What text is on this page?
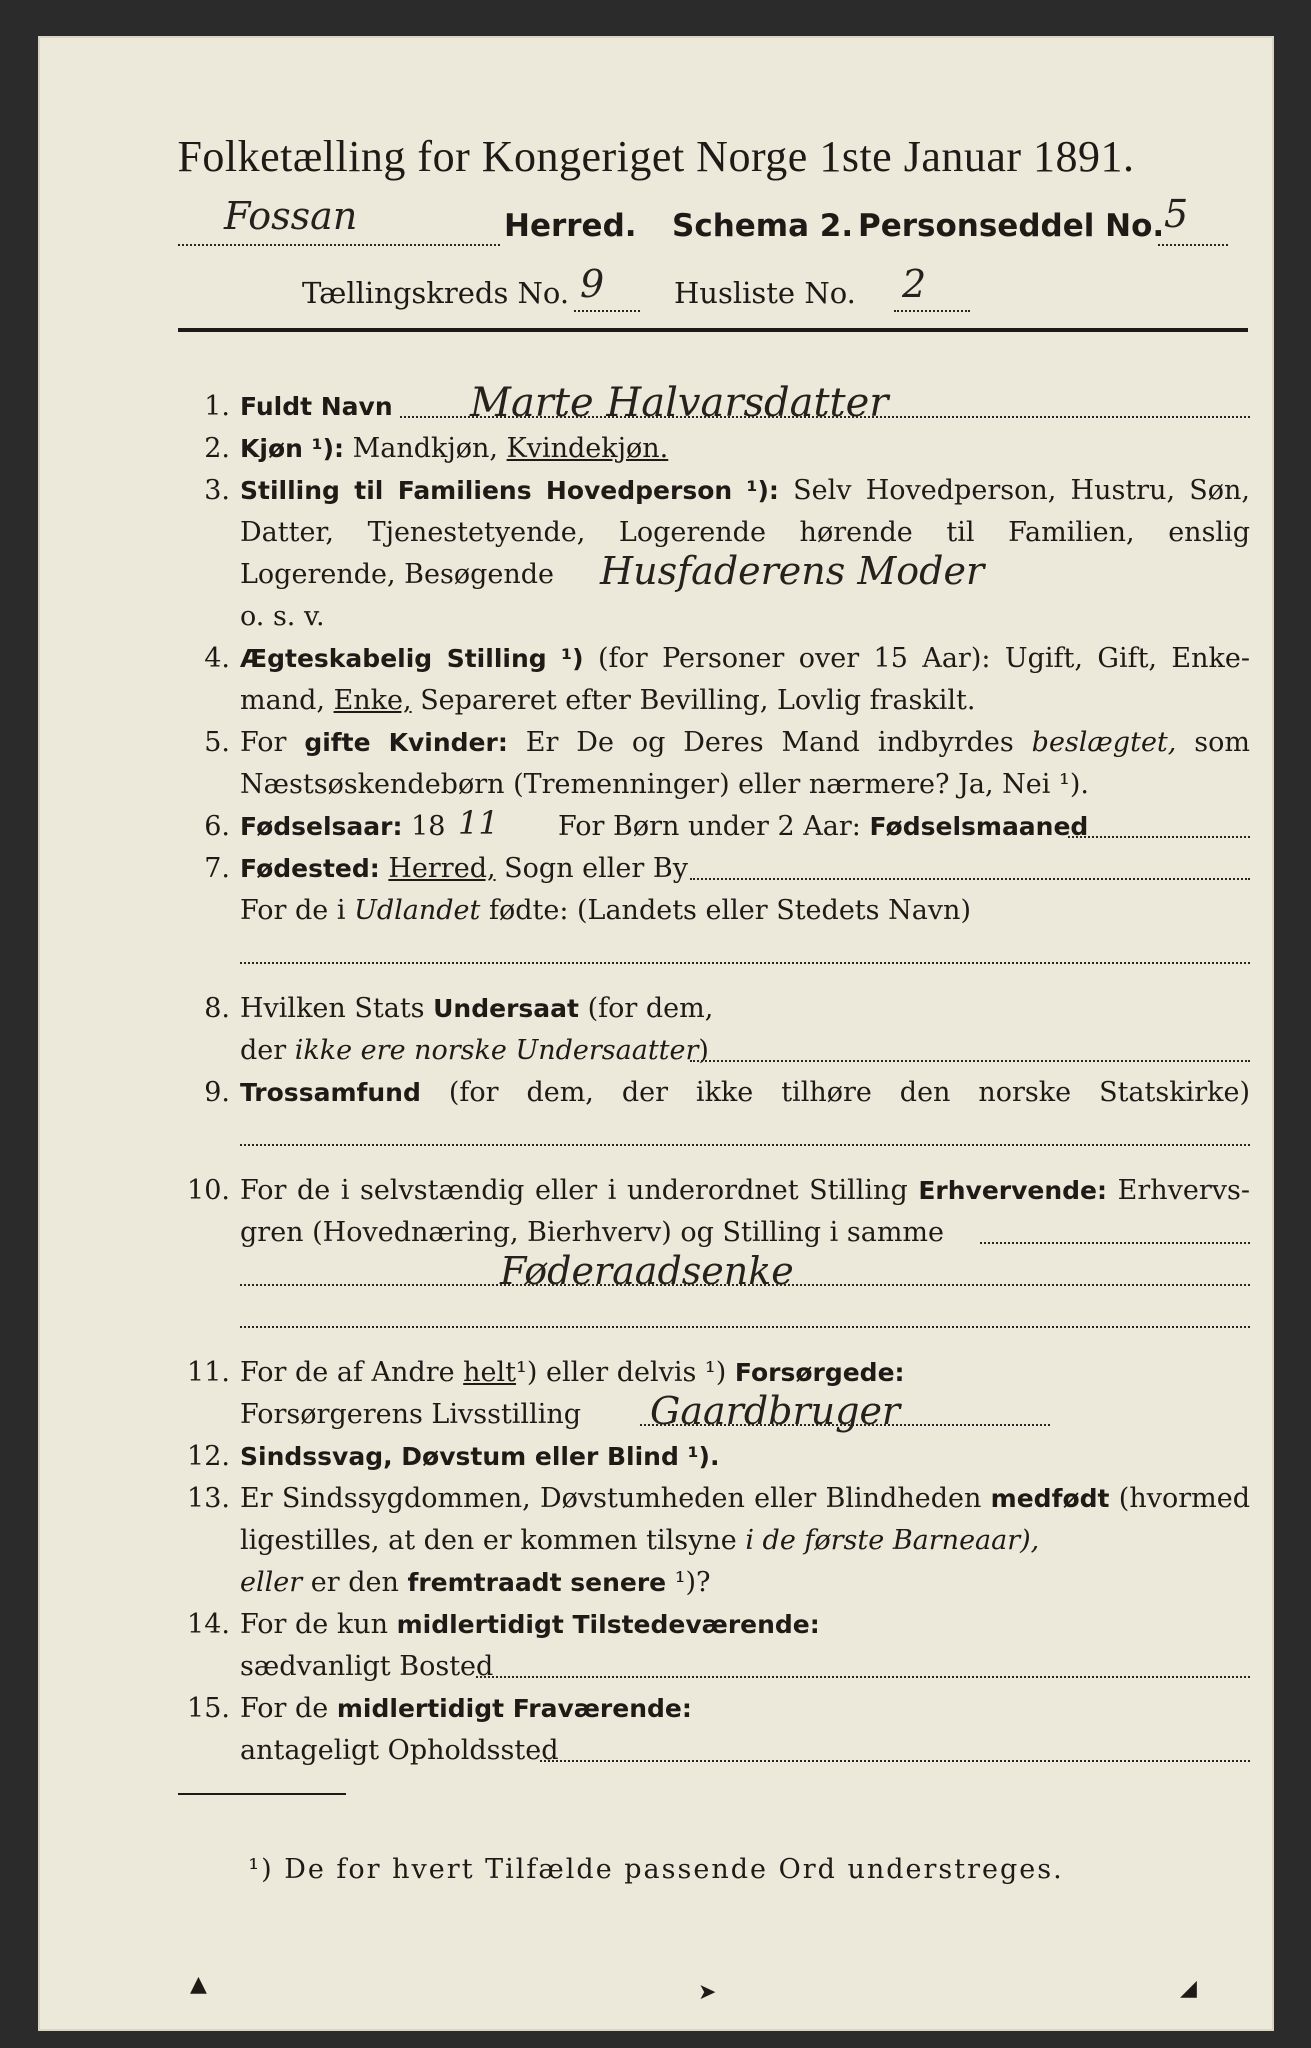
Folketælling for Kongeriget Norge 1ste Januar 1891.
Fossan	Herred. Schema 2. Personseddel No. 5
Tællingskreds No. 9 Husliste No. 2
1. Fuldt Navn Marte Halvarsdatter
2. Kjøn ¹): Mandkjøn, Kvindekjøn.
3. Stilling til Familiens Hovedperson ¹): Selv Hovedperson, Hustru, Søn,
Datter, Tjenestetyende, Logerende hørende til Familien, enslig
Logerende, Besøgende Husfaderens Moder
o. s. v.
4. Ægteskabelig Stilling ¹) (for Personer over 15 Aar): Ugift, Gift, Enke-
mand, Enke, Separeret efter Bevilling, Lovlig fraskilt.
5. For gifte Kvinder: Er De og Deres Mand indbyrdes beslægtet, som
Næstsøskendebørn (Tremenninger) eller nærmere? Ja, Nei ¹).
6. Fødselsaar: 18 11 For Børn under 2 Aar: Fødselsmaaned
7. Fødested: Herred, Sogn eller By
For de i Udlandet fødte: (Landets eller Stedets Navn)
8. Hvilken Stats Undersaat (for dem,
der ikke ere norske Undersaatter)
9. Trossamfund (for dem, der ikke tilhøre den norske Statskirke)
10. For de i selvstændig eller i underordnet Stilling Erhvervende: Erhvervs-
gren (Hovednæring, Bierhverv) og Stilling i samme
Føderaadsenke
11. For de af Andre helt¹) eller delvis ¹) Forsørgede:
Forsørgerens Livsstilling Gaardbruger
12. Sindssvag, Døvstum eller Blind ¹).
13. Er Sindssygdommen, Døvstumheden eller Blindheden medfødt (hvormed
ligestilles, at den er kommen tilsyne i de første Barneaar),
eller er den fremtraadt senere ¹)?
14. For de kun midlertidigt Tilstedeværende:
sædvanligt Bosted
15. For de midlertidigt Fraværende:
antageligt Opholdssted
¹) De for hvert Tilfælde passende Ord understreges.
▲	➤	◢
